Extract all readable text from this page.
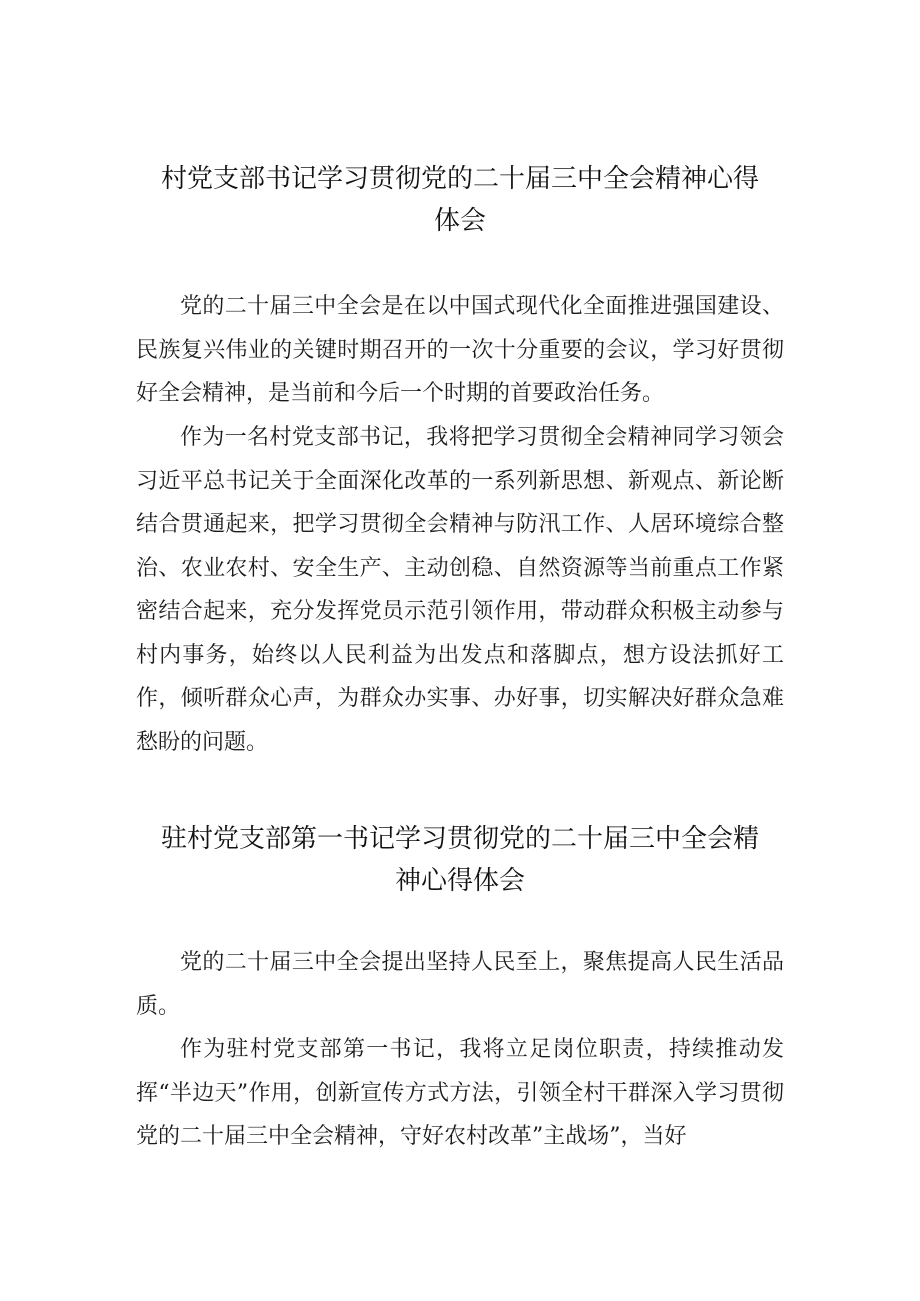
村党支部书记学习贯彻党的二十届三中全会精神心得
体会

党的二十届三中全会是在以中国式现代化全面推进强国建设、民族复兴伟业的关键时期召开的一次十分重要的会议，学习好贯彻好全会精神，是当前和今后一个时期的首要政治任务。

作为一名村党支部书记，我将把学习贯彻全会精神同学习领会习近平总书记关于全面深化改革的一系列新思想、新观点、新论断结合贯通起来，把学习贯彻全会精神与防汛工作、人居环境综合整治、农业农村、安全生产、主动创稳、自然资源等当前重点工作紧密结合起来，充分发挥党员示范引领作用，带动群众积极主动参与村内事务，始终以人民利益为出发点和落脚点，想方设法抓好工作，倾听群众心声，为群众办实事、办好事，切实解决好群众急难愁盼的问题。

驻村党支部第一书记学习贯彻党的二十届三中全会精
神心得体会

党的二十届三中全会提出坚持人民至上，聚焦提高人民生活品质。

作为驻村党支部第一书记，我将立足岗位职责，持续推动发挥“半边天”作用，创新宣传方式方法，引领全村干群深入学习贯彻党的二十届三中全会精神，守好农村改革”主战场”，当好
